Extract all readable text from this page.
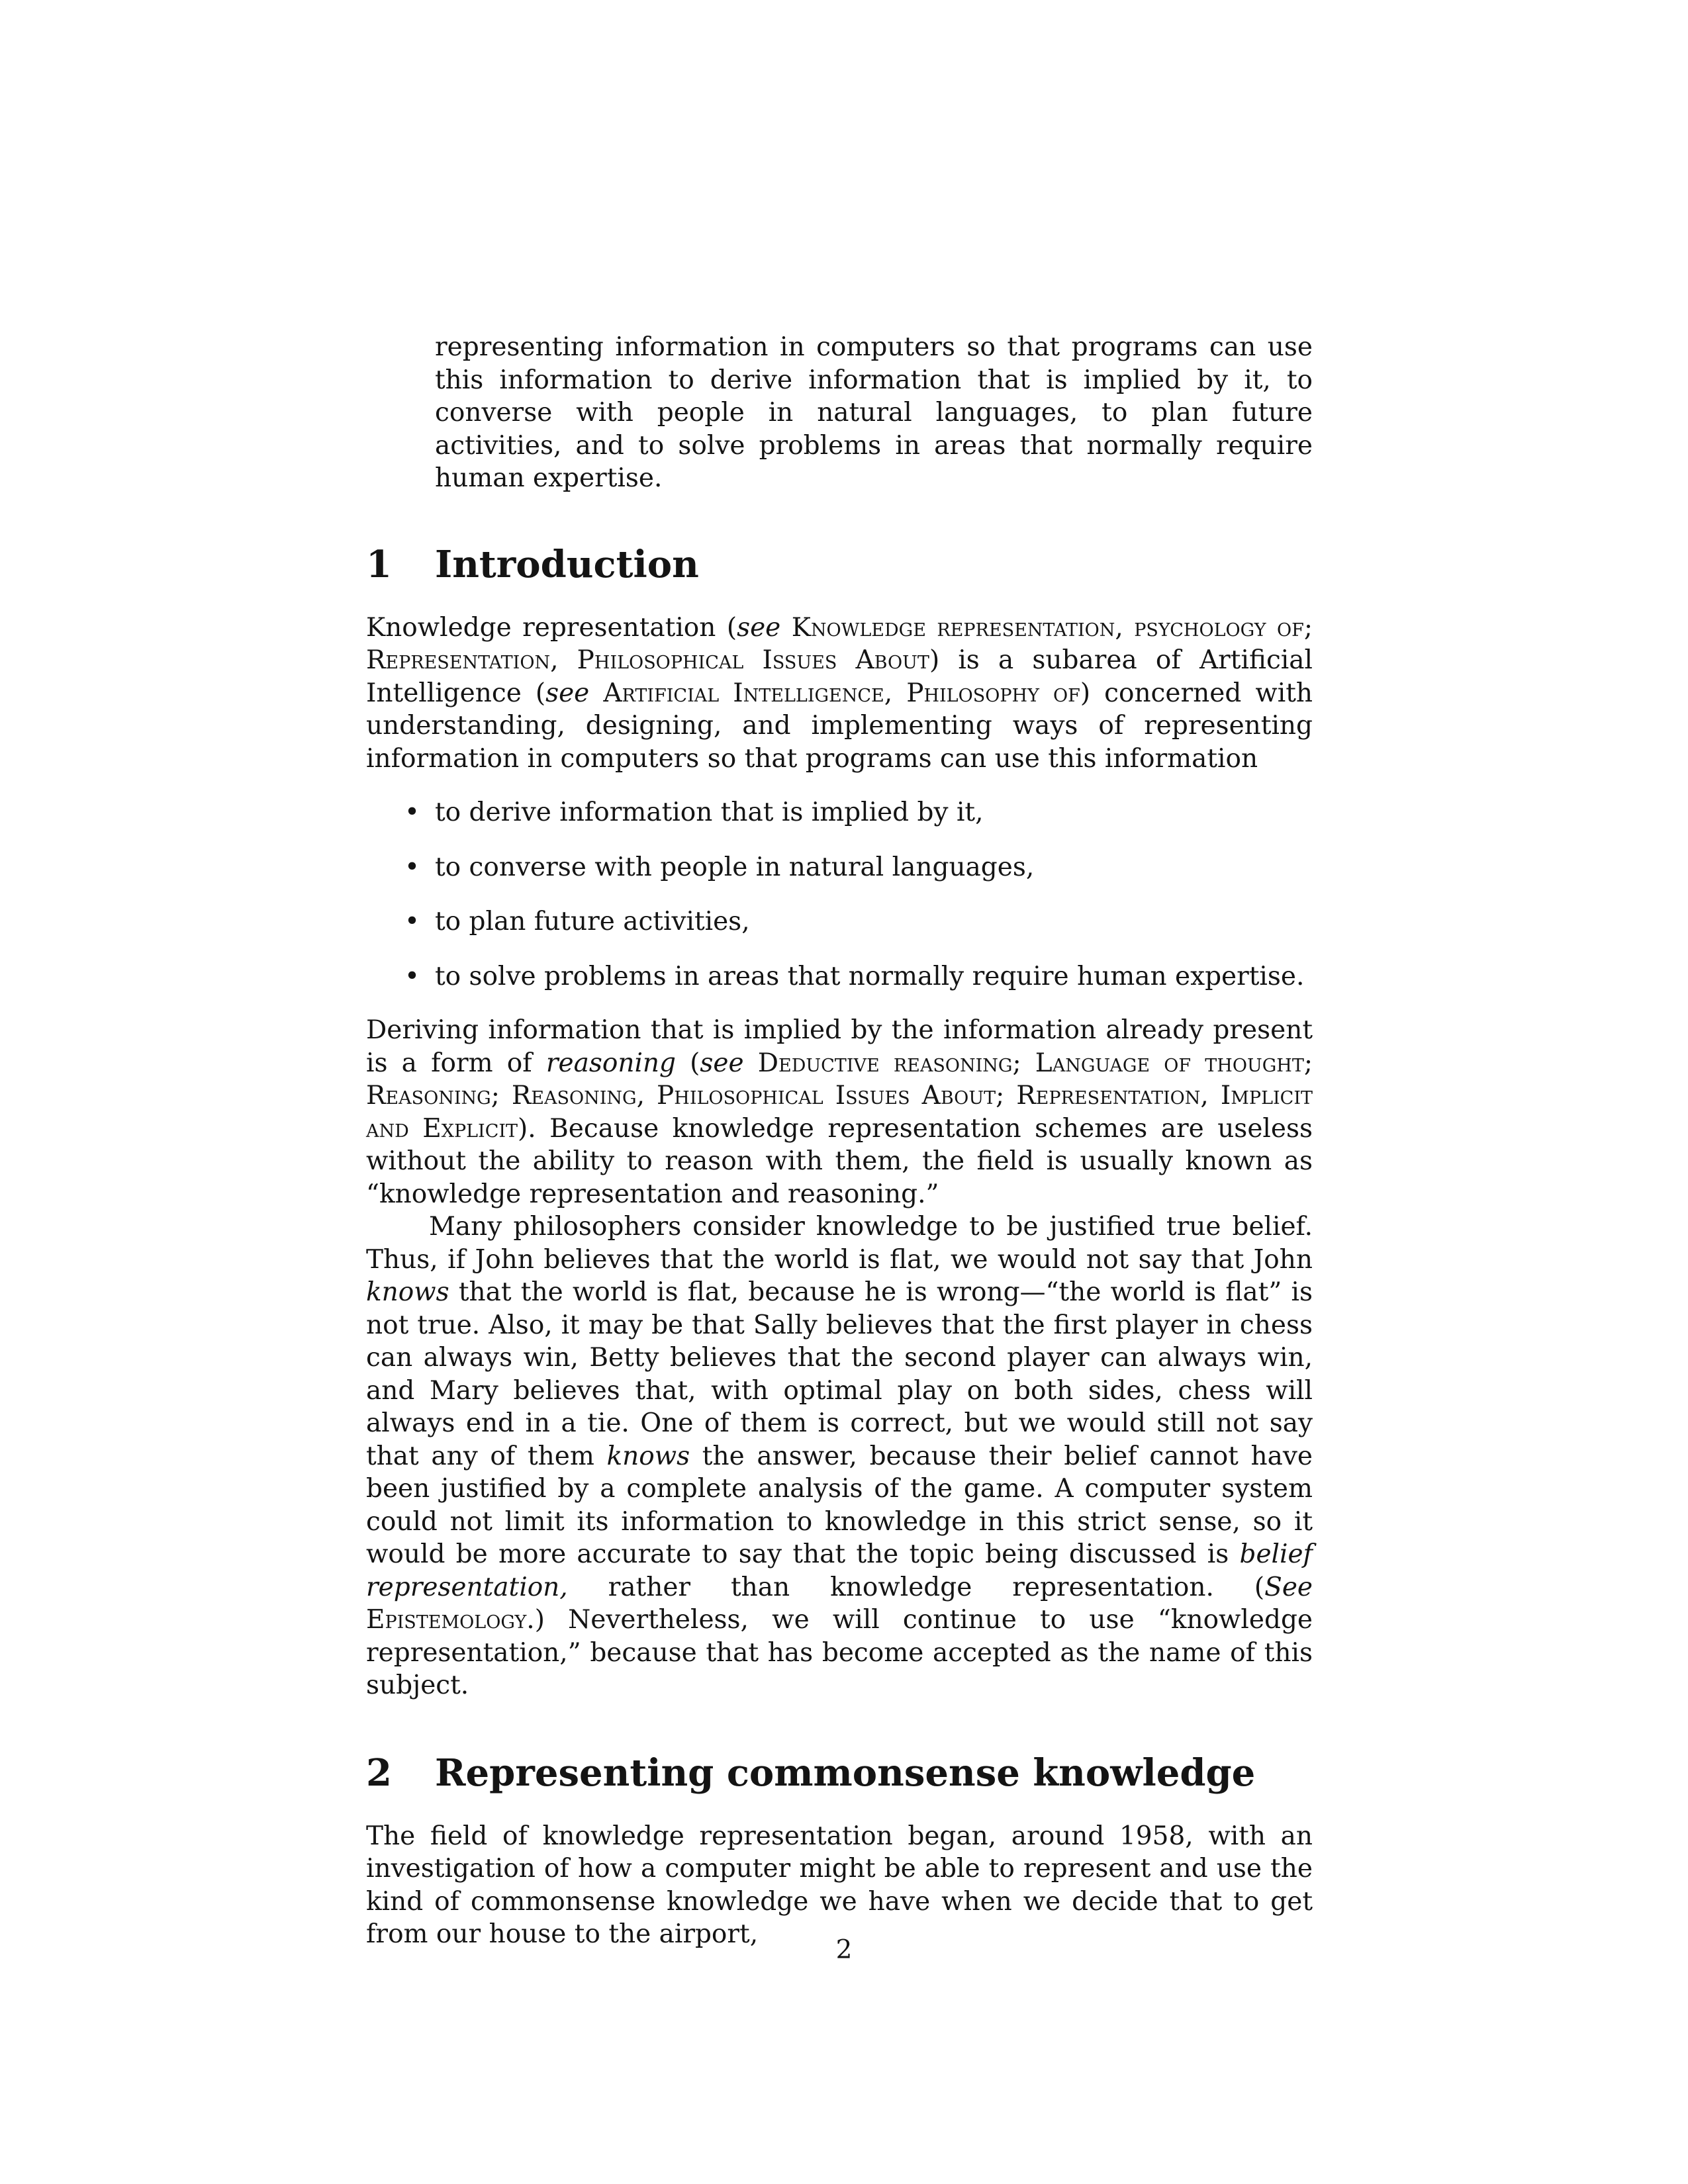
representing information in computers so that programs can use this information to derive information that is implied by it, to converse with people in natural languages, to plan future activities, and to solve problems in areas that normally require human expertise.

1 Introduction

Knowledge representation (see Knowledge representation, psychology of; Representation, Philosophical Issues About) is a subarea of Artificial Intelligence (see Artificial Intelligence, Philosophy of) concerned with understanding, designing, and implementing ways of representing information in computers so that programs can use this information

• to derive information that is implied by it,
• to converse with people in natural languages,
• to plan future activities,
• to solve problems in areas that normally require human expertise.

Deriving information that is implied by the information already present is a form of reasoning (see Deductive reasoning; Language of thought; Reasoning; Reasoning, Philosophical Issues About; Representation, Implicit and Explicit). Because knowledge representation schemes are useless without the ability to reason with them, the field is usually known as “knowledge representation and reasoning.”

Many philosophers consider knowledge to be justified true belief. Thus, if John believes that the world is flat, we would not say that John knows that the world is flat, because he is wrong—“the world is flat” is not true. Also, it may be that Sally believes that the first player in chess can always win, Betty believes that the second player can always win, and Mary believes that, with optimal play on both sides, chess will always end in a tie. One of them is correct, but we would still not say that any of them knows the answer, because their belief cannot have been justified by a complete analysis of the game. A computer system could not limit its information to knowledge in this strict sense, so it would be more accurate to say that the topic being discussed is belief representation, rather than knowledge representation. (See Epistemology.) Nevertheless, we will continue to use “knowledge representation,” because that has become accepted as the name of this subject.

2 Representing commonsense knowledge

The field of knowledge representation began, around 1958, with an investigation of how a computer might be able to represent and use the kind of commonsense knowledge we have when we decide that to get from our house to the airport,

2
